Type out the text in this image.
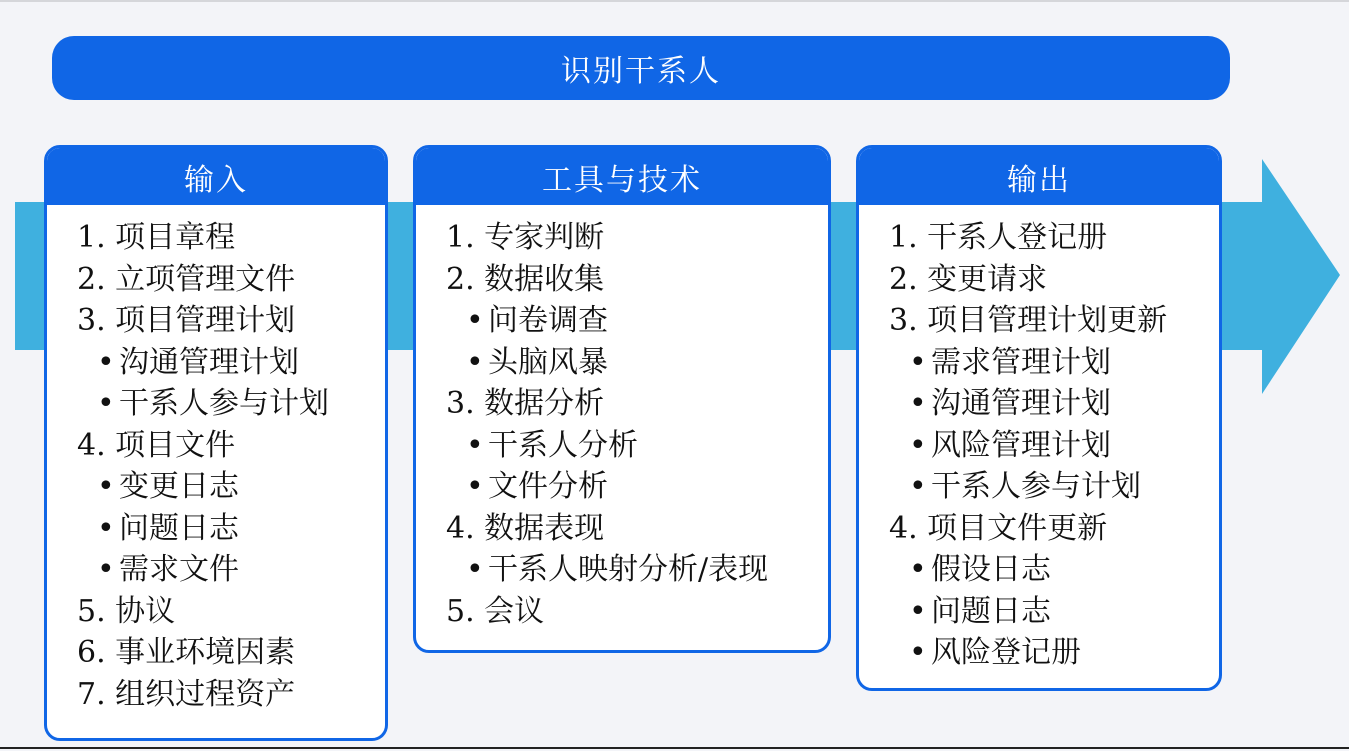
识别干系人
输入
1. 项目章程
2. 立项管理文件
3. 项目管理计划
• 沟通管理计划
• 干系人参与计划
4. 项目文件
• 变更日志
• 问题日志
• 需求文件
5. 协议
6. 事业环境因素
7. 组织过程资产
工具与技术
1. 专家判断
2. 数据收集
• 问卷调查
• 头脑风暴
3. 数据分析
• 干系人分析
• 文件分析
4. 数据表现
• 干系人映射分析/表现
5. 会议
输出
1. 干系人登记册
2. 变更请求
3. 项目管理计划更新
• 需求管理计划
• 沟通管理计划
• 风险管理计划
• 干系人参与计划
4. 项目文件更新
• 假设日志
• 问题日志
• 风险登记册
